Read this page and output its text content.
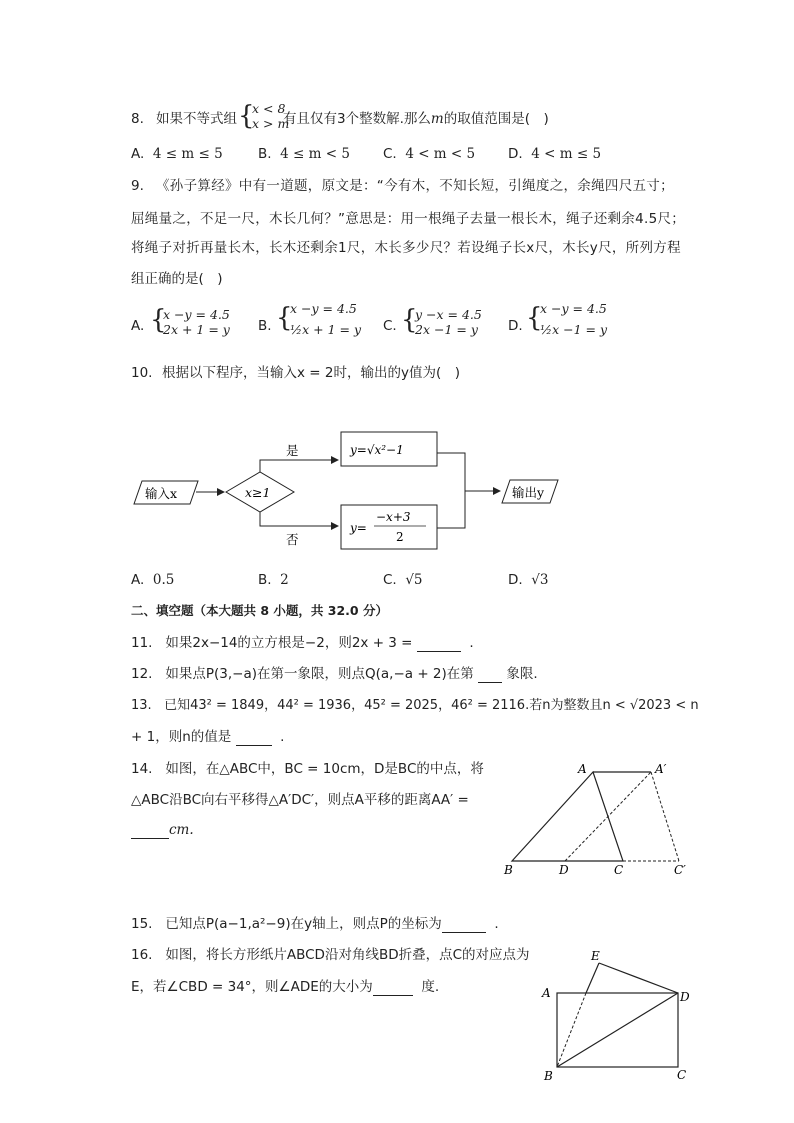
8. 如果不等式组 {
x < 8
x > m
有且仅有3个整数解.那么m的取值范围是(　)
A. 4 ≤ m ≤ 5	B. 4 ≤ m < 5 C. 4 < m < 5 D. 4 < m ≤ 5
9. 《孙子算经》中有一道题，原文是：“今有木，不知长短，引绳度之，余绳四尺五寸；
屈绳量之，不足一尺，木长几何？”意思是：用一根绳子去量一根长木，绳子还剩余4.5尺；
将绳子对折再量长木，长木还剩余1尺，木长多少尺？若设绳子长x尺，木长y尺，所列方程
组正确的是(　)
A. {
x −y = 4.5
2x + 1 = y B. {
x −y = 4.5
½x + 1 = y C. {
y −x = 4.5
2x −1 = y D. {
x −y = 4.5
½x −1 = y
10. 根据以下程序，当输入x = 2时，输出的y值为(　)
输入x	x≥1
是
否
y=√x²−1
y=
−x+3
2
输出y
A. 0.5	B. 2	C. √5	D. √3
二、填空题（本大题共 8 小题，共 32.0 分）
11. 如果2x−14的立方根是−2，则2x + 3 =	.
12. 如果点P(3,−a)在第一象限，则点Q(a,−a + 2)在第 象限.
13. 已知43² = 1849，44² = 1936，45² = 2025，46² = 2116.若n为整数且n < √2023 < n
+ 1，则n的值是	.
14. 如图，在△ABC中，BC = 10cm，D是BC的中点，将
△ABC沿BC向右平移得△A′DC′，则点A平移的距离AA′ =
cm.
A	A′
B	D	C	C′
15. 已知点P(a−1,a²−9)在y轴上，则点P的坐标为	.
16. 如图，将长方形纸片ABCD沿对角线BD折叠，点C的对应点为
E，若∠CBD = 34°，则∠ADE的大小为	度.
E
A	D
B	C
